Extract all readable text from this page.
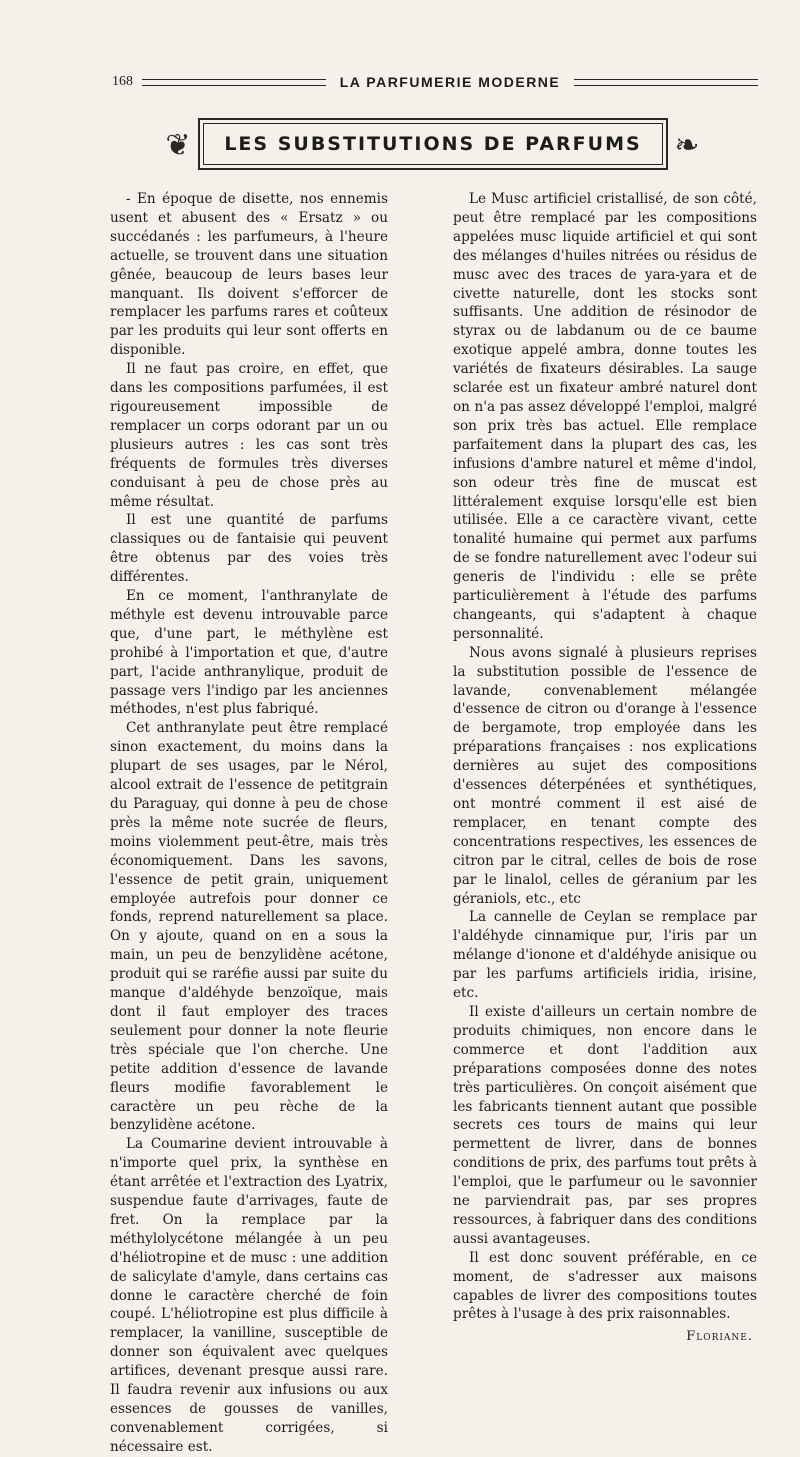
168	LA PARFUMERIE MODERNE
❦	LES SUBSTITUTIONS DE PARFUMS	❧

- En époque de disette, nos ennemis usent et abusent des « Ersatz » ou succédanés : les parfumeurs, à l'heure actuelle, se trouvent dans une situation gênée, beaucoup de leurs bases leur manquant. Ils doivent s'efforcer de remplacer les parfums rares et coûteux par les produits qui leur sont offerts en disponible.

Il ne faut pas croire, en effet, que dans les compositions parfumées, il est rigoureusement impossible de remplacer un corps odorant par un ou plusieurs autres : les cas sont très fréquents de formules très diverses conduisant à peu de chose près au même résultat.

Il est une quantité de parfums classiques ou de fantaisie qui peuvent être obtenus par des voies très différentes.

En ce moment, l'anthranylate de méthyle est devenu introuvable parce que, d'une part, le méthylène est prohibé à l'importation et que, d'autre part, l'acide anthranylique, produit de passage vers l'indigo par les anciennes méthodes, n'est plus fabriqué.

Cet anthranylate peut être remplacé sinon exactement, du moins dans la plupart de ses usages, par le Nérol, alcool extrait de l'essence de petitgrain du Paraguay, qui donne à peu de chose près la même note sucrée de fleurs, moins violemment peut-être, mais très économiquement. Dans les savons, l'essence de petit grain, uniquement employée autrefois pour donner ce fonds, reprend naturellement sa place. On y ajoute, quand on en a sous la main, un peu de benzylidène acétone, produit qui se raréfie aussi par suite du manque d'aldéhyde benzoïque, mais dont il faut employer des traces seulement pour donner la note fleurie très spéciale que l'on cherche. Une petite addition d'essence de lavande fleurs modifie favorablement le caractère un peu rèche de la benzylidène acétone.

La Coumarine devient introuvable à n'importe quel prix, la synthèse en étant arrêtée et l'extraction des Lyatrix, suspendue faute d'arrivages, faute de fret. On la remplace par la méthylolycétone mélangée à un peu d'héliotropine et de musc : une addition de salicylate d'amyle, dans certains cas donne le caractère cherché de foin coupé. L'héliotropine est plus difficile à remplacer, la vanilline, susceptible de donner son équivalent avec quelques artifices, devenant presque aussi rare. Il faudra revenir aux infusions ou aux essences de gousses de vanilles, convenablement corrigées, si nécessaire est.

Le Musc artificiel cristallisé, de son côté, peut être remplacé par les compositions appelées musc liquide artificiel et qui sont des mélanges d'huiles nitrées ou résidus de musc avec des traces de yara-yara et de civette naturelle, dont les stocks sont suffisants. Une addition de résinodor de styrax ou de labdanum ou de ce baume exotique appelé ambra, donne toutes les variétés de fixateurs désirables. La sauge sclarée est un fixateur ambré naturel dont on n'a pas assez développé l'emploi, malgré son prix très bas actuel. Elle remplace parfaitement dans la plupart des cas, les infusions d'ambre naturel et même d'indol, son odeur très fine de muscat est littéralement exquise lorsqu'elle est bien utilisée. Elle a ce caractère vivant, cette tonalité humaine qui permet aux parfums de se fondre naturellement avec l'odeur sui generis de l'individu : elle se prête particulièrement à l'étude des parfums changeants, qui s'adaptent à chaque personnalité.

Nous avons signalé à plusieurs reprises la substitution possible de l'essence de lavande, convenablement mélangée d'essence de citron ou d'orange à l'essence de bergamote, trop employée dans les préparations françaises : nos explications dernières au sujet des compositions d'essences déterpénées et synthétiques, ont montré comment il est aisé de remplacer, en tenant compte des concentrations respectives, les essences de citron par le citral, celles de bois de rose par le linalol, celles de géranium par les géraniols, etc., etc

La cannelle de Ceylan se remplace par l'aldéhyde cinnamique pur, l'iris par un mélange d'ionone et d'aldéhyde anisique ou par les parfums artificiels iridia, irisine, etc.

Il existe d'ailleurs un certain nombre de produits chimiques, non encore dans le commerce et dont l'addition aux préparations composées donne des notes très particulières. On conçoit aisément que les fabricants tiennent autant que possible secrets ces tours de mains qui leur permettent de livrer, dans de bonnes conditions de prix, des parfums tout prêts à l'emploi, que le parfumeur ou le savonnier ne parviendrait pas, par ses propres ressources, à fabriquer dans des conditions aussi avantageuses.

Il est donc souvent préférable, en ce moment, de s'adresser aux maisons capables de livrer des compositions toutes prêtes à l'usage à des prix raisonnables.

Floriane.
